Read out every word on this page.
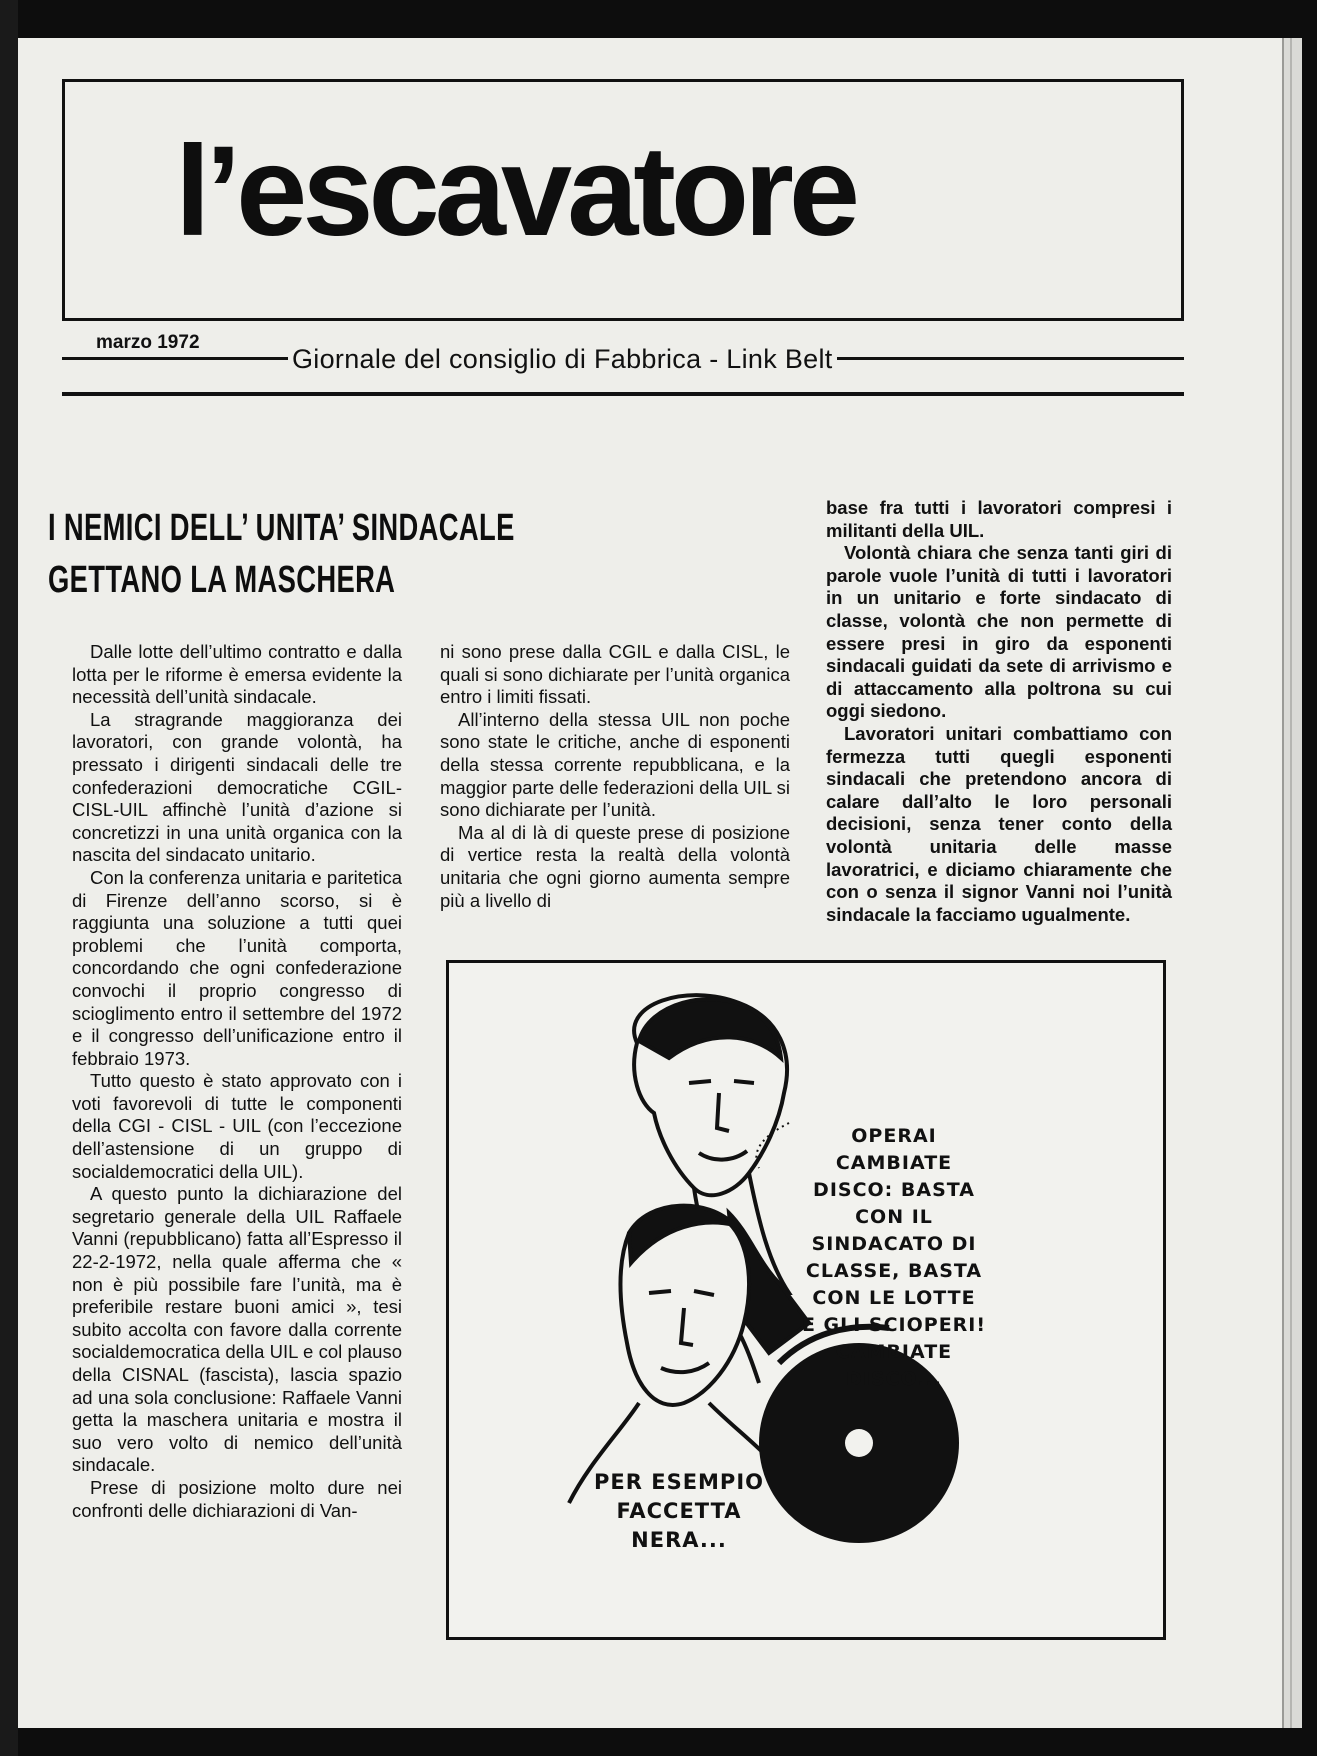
l’escavatore
marzo 1972
Giornale del consiglio di Fabbrica - Link Belt
I NEMICI DELL’ UNITA’ SINDACALE
GETTANO LA MASCHERA

Dalle lotte dell’ultimo contratto e dalla lotta per le riforme è emersa evidente la necessità dell’unità sindacale.

La stragrande maggioranza dei lavoratori, con grande volontà, ha pressato i dirigenti sindacali delle tre confederazioni democratiche CGIL-CISL-UIL affinchè l’unità d’azione si concretizzi in una unità organica con la nascita del sindacato unitario.

Con la conferenza unitaria e paritetica di Firenze dell’anno scorso, si è raggiunta una soluzione a tutti quei problemi che l’unità comporta, concordando che ogni confederazione convochi il proprio congresso di scioglimento entro il settembre del 1972 e il congresso dell’unificazione entro il febbraio 1973.

Tutto questo è stato approvato con i voti favorevoli di tutte le componenti della CGI - CISL - UIL (con l’eccezione dell’astensione di un gruppo di socialdemocratici della UIL).

A questo punto la dichiarazione del segretario generale della UIL Raffaele Vanni (repubblicano) fatta all’Espresso il 22-2-1972, nella quale afferma che « non è più possibile fare l’unità, ma è preferibile restare buoni amici », tesi subito accolta con favore dalla corrente socialdemocratica della UIL e col plauso della CISNAL (fascista), lascia spazio ad una sola conclusione: Raffaele Vanni getta la maschera unitaria e mostra il suo vero volto di nemico dell’unità sindacale.

Prese di posizione molto dure nei confronti delle dichiarazioni di Van-

ni sono prese dalla CGIL e dalla CISL, le quali si sono dichiarate per l’unità organica entro i limiti fissati.

All’interno della stessa UIL non poche sono state le critiche, anche di esponenti della stessa corrente repubblicana, e la maggior parte delle federazioni della UIL si sono dichiarate per l’unità.

Ma al di là di queste prese di posizione di vertice resta la realtà della volontà unitaria che ogni giorno aumenta sempre più a livello di

base fra tutti i lavoratori compresi i militanti della UIL.

Volontà chiara che senza tanti giri di parole vuole l’unità di tutti i lavoratori in un unitario e forte sindacato di classe, volontà che non permette di essere presi in giro da esponenti sindacali guidati da sete di arrivismo e di attaccamento alla poltrona su cui oggi siedono.

Lavoratori unitari combattiamo con fermezza tutti quegli esponenti sindacali che pretendono ancora di calare dall’alto le loro personali decisioni, senza tener conto della volontà unitaria delle masse lavoratrici, e diciamo chiaramente che con o senza il signor Vanni noi l’unità sindacale la facciamo ugualmente.

OPERAI
CAMBIATE
DISCO: BASTA
CON IL
SINDACATO DI
CLASSE, BASTA
CON LE LOTTE
E GLI SCIOPERI!
CAMBIATE
DISCO...
PER ESEMPIO
FACCETTA
NERA...
